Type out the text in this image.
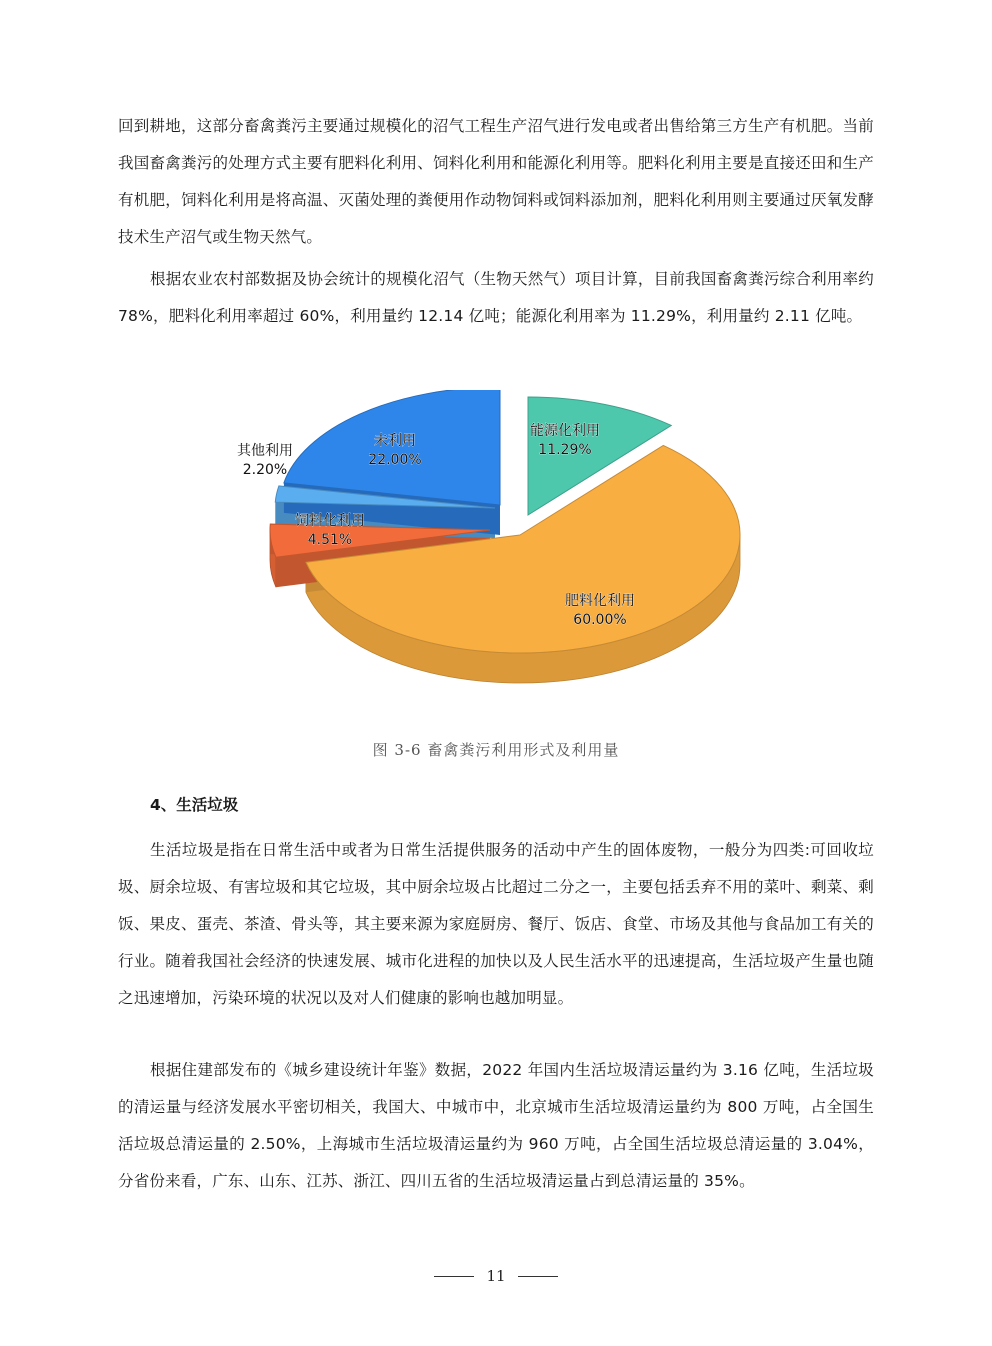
回到耕地，这部分畜禽粪污主要通过规模化的沼气工程生产沼气进行发电或者出售给第三方生产有机肥。当前我国畜禽粪污的处理方式主要有肥料化利用、饲料化利用和能源化利用等。肥料化利用主要是直接还田和生产有机肥，饲料化利用是将高温、灭菌处理的粪便用作动物饲料或饲料添加剂，肥料化利用则主要通过厌氧发酵技术生产沼气或生物天然气。

根据农业农村部数据及协会统计的规模化沼气（生物天然气）项目计算，目前我国畜禽粪污综合利用率约 78%，肥料化利用率超过 60%，利用量约 12.14 亿吨；能源化利用率为 11.29%，利用量约 2.11 亿吨。

能源化利用
11.29%
肥料化利用
60.00%
饲料化利用
4.51%
其他利用
2.20%
未利用
22.00%
图 3-6 畜禽粪污利用形式及利用量
4、生活垃圾

生活垃圾是指在日常生活中或者为日常生活提供服务的活动中产生的固体废物，一般分为四类:可回收垃圾、厨余垃圾、有害垃圾和其它垃圾，其中厨余垃圾占比超过二分之一，主要包括丢弃不用的菜叶、剩菜、剩饭、果皮、蛋壳、茶渣、骨头等，其主要来源为家庭厨房、餐厅、饭店、食堂、市场及其他与食品加工有关的行业。随着我国社会经济的快速发展、城市化进程的加快以及人民生活水平的迅速提高，生活垃圾产生量也随之迅速增加，污染环境的状况以及对人们健康的影响也越加明显。

根据住建部发布的《城乡建设统计年鉴》数据，2022 年国内生活垃圾清运量约为 3.16 亿吨，生活垃圾的清运量与经济发展水平密切相关，我国大、中城市中，北京城市生活垃圾清运量约为 800 万吨，占全国生活垃圾总清运量的 2.50%，上海城市生活垃圾清运量约为 960 万吨，占全国生活垃圾总清运量的 3.04%，分省份来看，广东、山东、江苏、浙江、四川五省的生活垃圾清运量占到总清运量的 35%。

11
